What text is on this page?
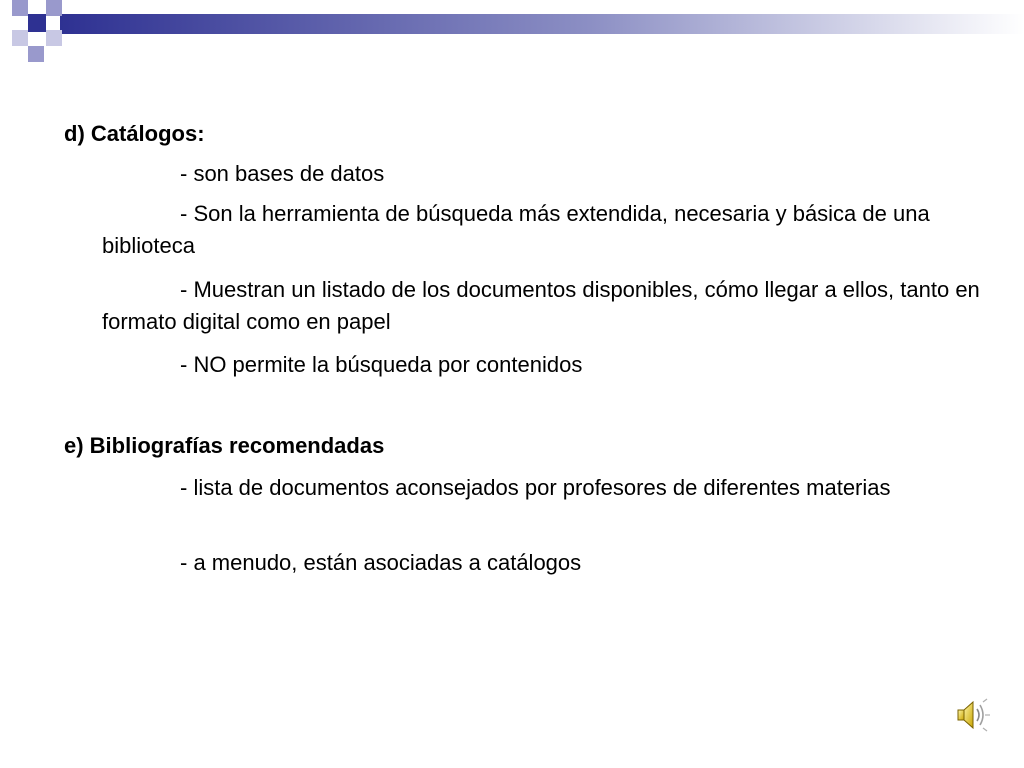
d) Catálogos:
- son bases de datos
- Son la herramienta de búsqueda más extendida, necesaria y básica de una biblioteca
- Muestran un listado de los documentos disponibles, cómo llegar a ellos, tanto en formato digital como en papel
- NO permite la búsqueda por contenidos
e) Bibliografías recomendadas
- lista de documentos aconsejados por profesores de diferentes materias
- a menudo, están asociadas a catálogos
